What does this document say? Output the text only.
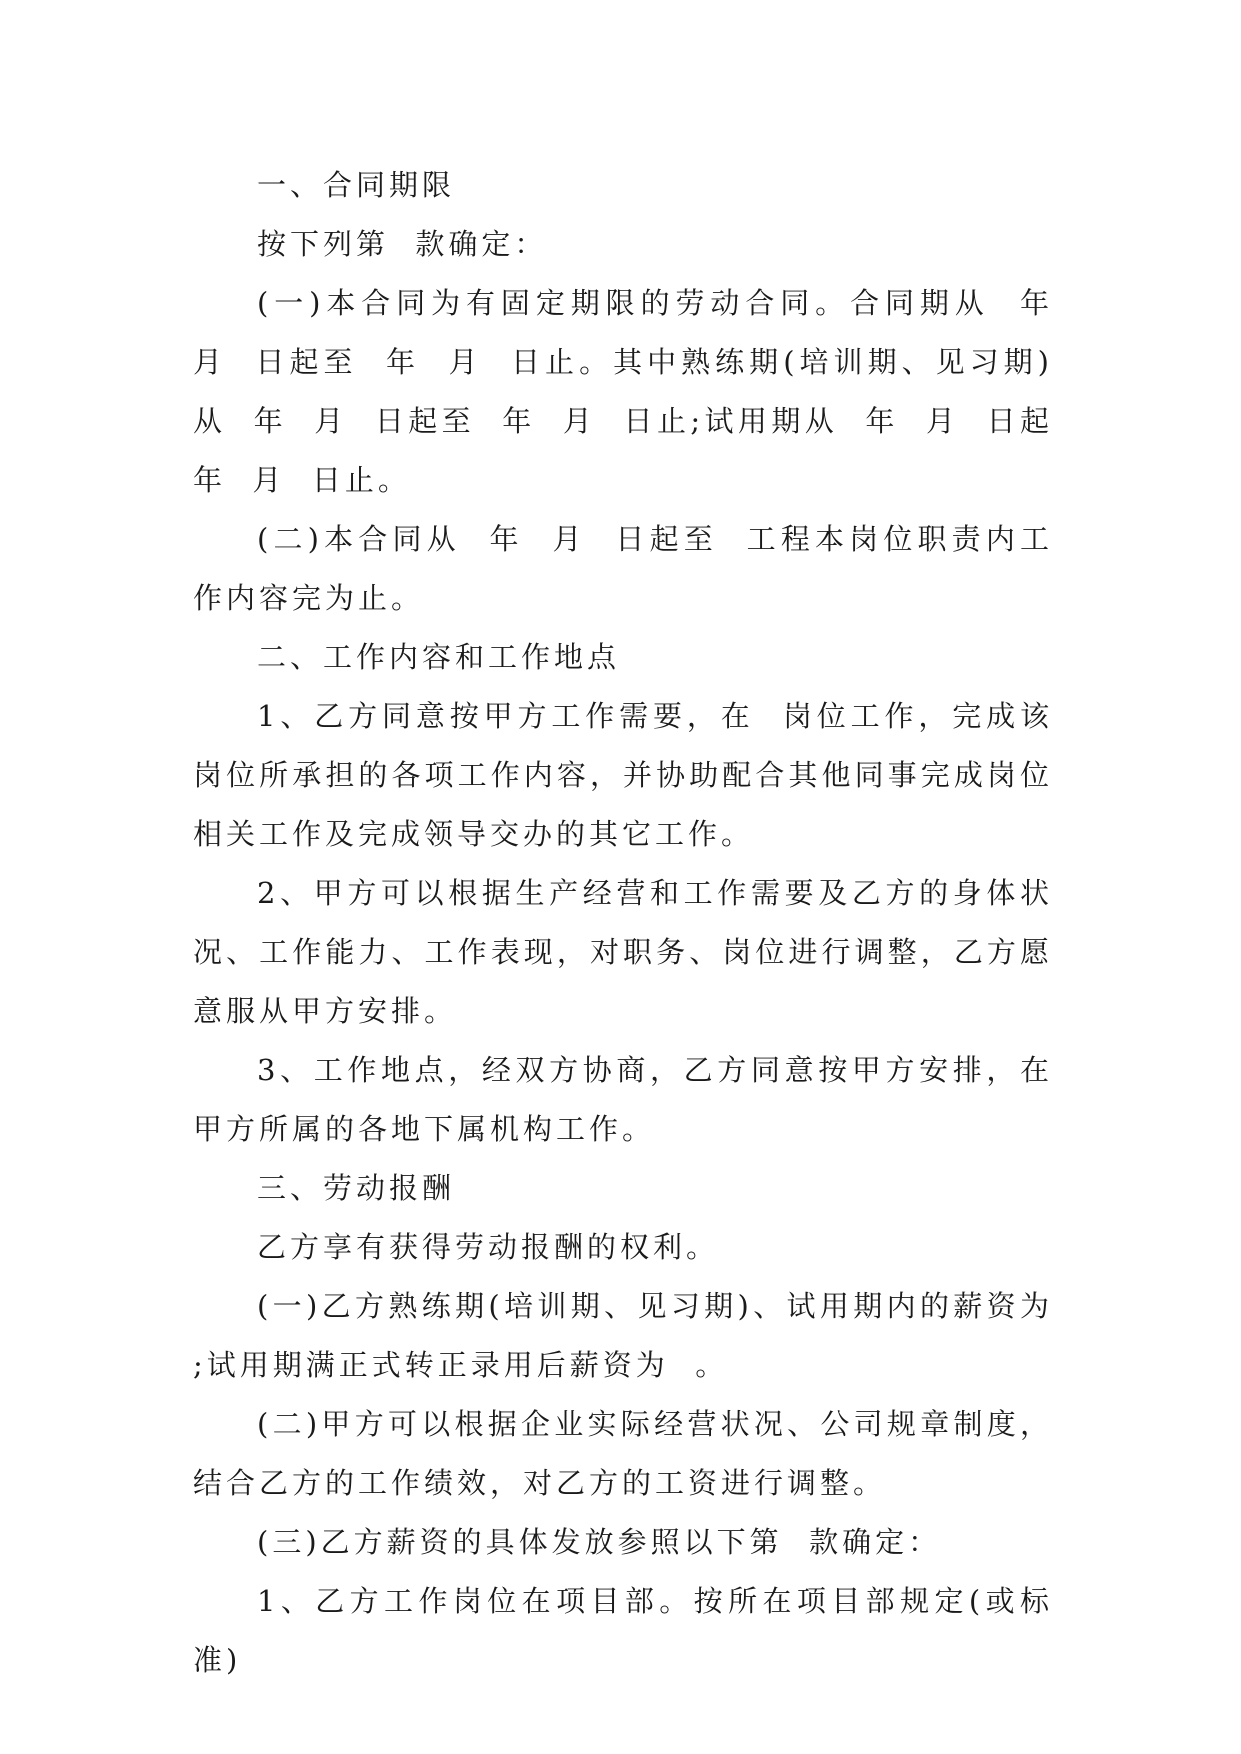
一、合同期限

按下列第  款确定：

(一)本合同为有固定期限的劳动合同。合同期从  年  月  日起至  年  月  日止。其中熟练期(培训期、见习期)从  年  月  日起至  年  月  日止;试用期从  年  月  日起  年  月  日止。

(二)本合同从  年  月  日起至  工程本岗位职责内工作内容完为止。

二、工作内容和工作地点

1、乙方同意按甲方工作需要，在  岗位工作，完成该岗位所承担的各项工作内容，并协助配合其他同事完成岗位相关工作及完成领导交办的其它工作。

2、甲方可以根据生产经营和工作需要及乙方的身体状况、工作能力、工作表现，对职务、岗位进行调整，乙方愿意服从甲方安排。

3、工作地点，经双方协商，乙方同意按甲方安排，在甲方所属的各地下属机构工作。

三、劳动报酬

乙方享有获得劳动报酬的权利。

(一)乙方熟练期(培训期、见习期)、试用期内的薪资为  ;试用期满正式转正录用后薪资为  。

(二)甲方可以根据企业实际经营状况、公司规章制度，结合乙方的工作绩效，对乙方的工资进行调整。

(三)乙方薪资的具体发放参照以下第  款确定：

1、乙方工作岗位在项目部。按所在项目部规定(或标准)
